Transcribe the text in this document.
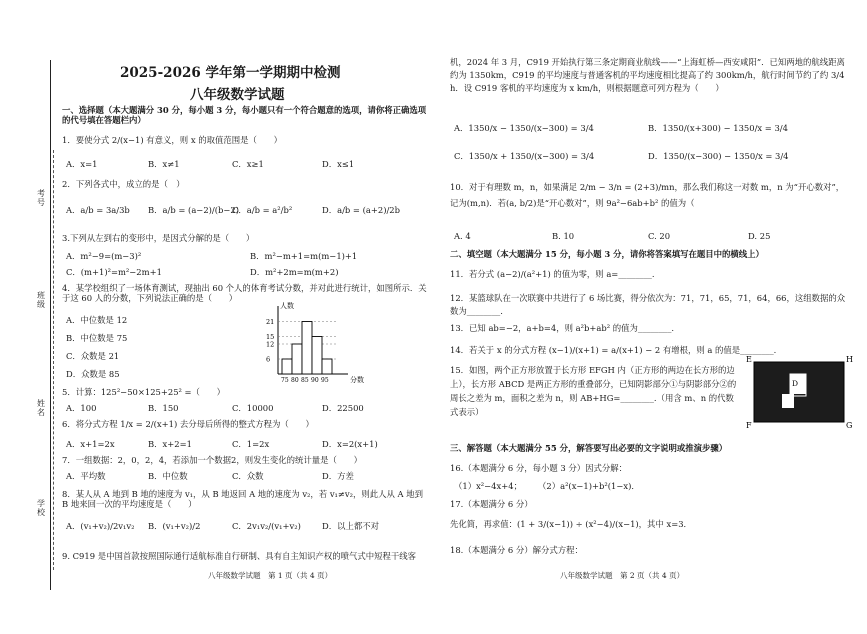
考号
班级
姓名
学校
2025-2026 学年第一学期期中检测
八年级数学试题
一、选择题（本大题满分 30 分，每小题 3 分，每小题只有一个符合题意的选项，请你将正确选项的代号填在答题栏内）
1．要使分式 2/(x−1) 有意义，则 x 的取值范围是（　　）
A．x=1	B．x≠1	C．x≥1	D．x≤1
2．下列各式中，成立的是（　）
A．a/b = 3a/3b B．a/b = (a−2)/(b−2)
C．a/b = a²/b²	D．a/b = (a+2)/2b
3.下列从左到右的变形中，是因式分解的是（　　）
A．m²−9=(m−3)²	B．m²−m+1=m(m−1)+1
C．(m+1)²=m²−2m+1	D．m²+2m=m(m+2)
4．某学校组织了一场体育测试，现抽出 60 个人的体育考试分数，并对此进行统计，如图所示．关于这 60 人的分数，下列说法正确的是（　　）
A．中位数是 12
B．中位数是 75
C．众数是 21
D．众数是 85
人数
分数
21
15
12
6
75 80 85 90 95
5．计算：125²−50×125+25² =（　　）
A．100	B．150	C．10000	D．22500
6．将分式方程 1/x = 2/(x+1) 去分母后所得的整式方程为（　　）
A．x+1=2x	B．x+2=1	C．1=2x	D．x=2(x+1)
7．一组数据：2，0，2，4，若添加一个数据2，则发生变化的统计量是（　　）
A．平均数	B．中位数	C．众数	D．方差
8．某人从 A 地到 B 地的速度为 v₁，从 B 地返回 A 地的速度为 v₂，若 v₁≠v₂，则此人从 A 地到 B 地来回一次的平均速度是（　　）
A．(v₁+v₂)/2v₁v₂ B．(v₁+v₂)/2	C．2v₁v₂/(v₁+v₂)	D．以上都不对
9. C919 是中国首款按照国际通行适航标准自行研制、具有自主知识产权的喷气式中短程干线客
八年级数学试题　第 1 页（共 4 页）
机，2024 年 3 月，C919 开始执行第三条定期商业航线——“上海虹桥—西安咸阳”．已知两地的航线距离约为 1350km，C919 的平均速度与普通客机的平均速度相比提高了约 300km/h，航行时间节约了约 3/4 h．设 C919 客机的平均速度为 x km/h，则根据题意可列方程为（　　）
A．1350/x − 1350/(x−300) = 3/4	B．1350/(x+300) − 1350/x = 3/4
C．1350/x + 1350/(x−300) = 3/4	D．1350/(x−300) − 1350/x = 3/4
10．对于有理数 m，n，如果满足 2/m − 3/n = (2+3)/mn，那么我们称这一对数 m，n 为“开心数对”，记为(m,n)．若(a, b/2)是“开心数对”，则 9a²−6ab+b² 的值为（
A. 4	B. 10	C. 20	D. 25
二、填空题（本大题满分 15 分，每小题 3 分，请你将答案填写在题目中的横线上）
11．若分式 (a−2)/(a²+1) 的值为零，则 a=________.
12．某篮球队在一次联赛中共进行了 6 场比赛，得分依次为：71，71，65，71，64，66，这组数据的众数为________.
13．已知 ab=−2，a+b=4，则 a²b+ab² 的值为________.
14．若关于 x 的分式方程 (x−1)/(x+1) = a/(x+1) − 2 有增根，则 a 的值是________.
15．如图，两个正方形放置于长方形 EFGH 内（正方形的两边在长方形的边上），长方形 ABCD 是两正方形的重叠部分，已知阴影部分①与阴影部分②的周长之差为 m，面积之差为 n，则 AB+HG=________.（用含 m、n 的代数式表示）
E
F	G
H
D
三、解答题（本大题满分 55 分，解答要写出必要的文字说明或推演步骤）
16.（本题满分 6 分，每小题 3 分）因式分解：
（1）x²−4x+4； （2）a²(x−1)+b²(1−x)．
17.（本题满分 6 分）
先化简，再求值：(1 + 3/(x−1)) ÷ (x²−4)/(x−1)，其中 x=3．
18.（本题满分 6 分）解分式方程：
八年级数学试题　第 2 页（共 4 页）
